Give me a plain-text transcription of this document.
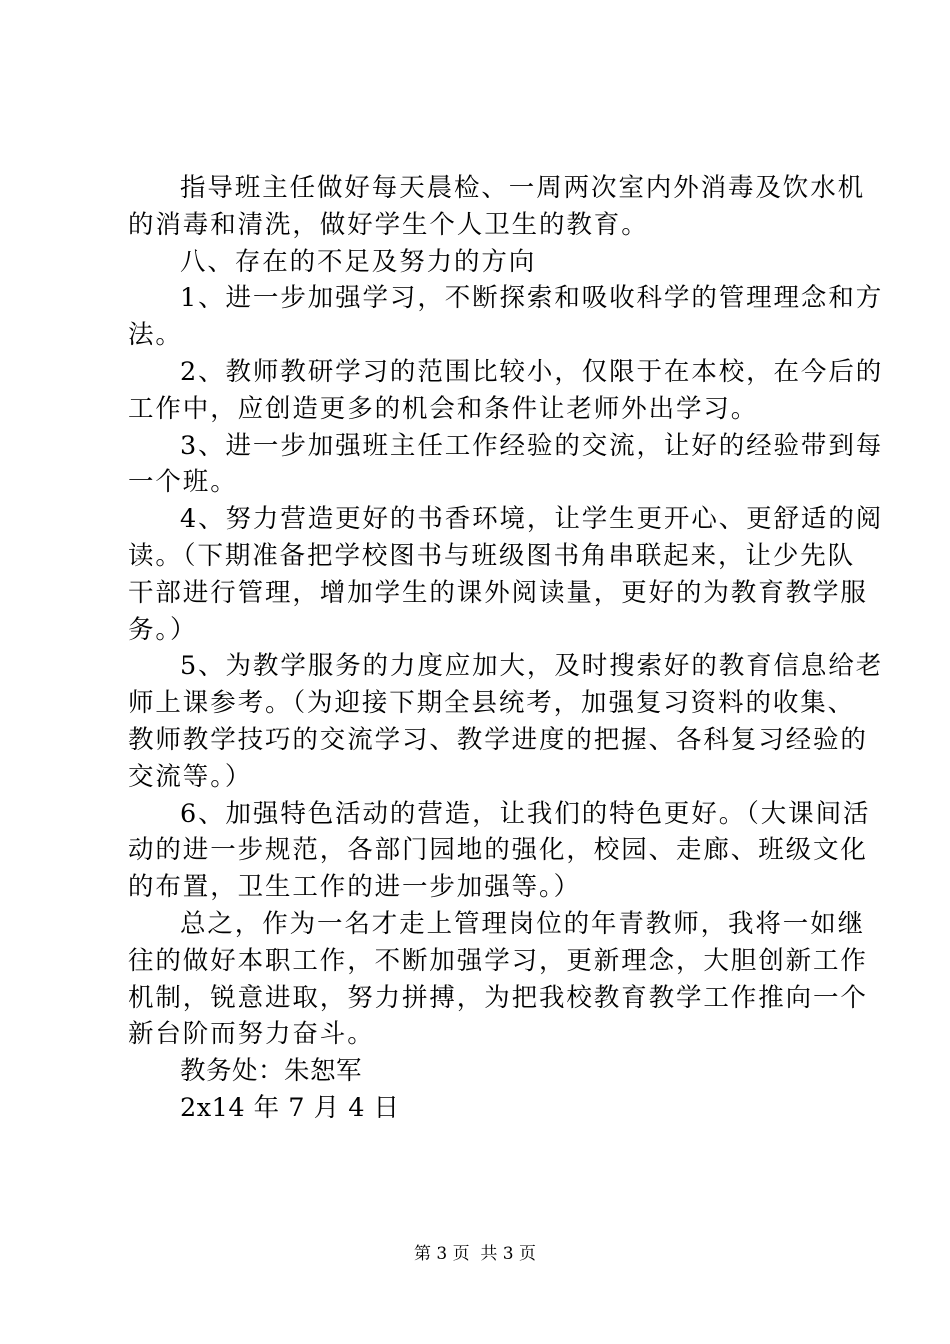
指导班主任做好每天晨检、一周两次室内外消毒及饮水机
的消毒和清洗，做好学生个人卫生的教育。
八、存在的不足及努力的方向
1、进一步加强学习，不断探索和吸收科学的管理理念和方
法。
2、教师教研学习的范围比较小，仅限于在本校，在今后的
工作中，应创造更多的机会和条件让老师外出学习。
3、进一步加强班主任工作经验的交流，让好的经验带到每
一个班。
4、努力营造更好的书香环境，让学生更开心、更舒适的阅
读。（下期准备把学校图书与班级图书角串联起来，让少先队
干部进行管理，增加学生的课外阅读量，更好的为教育教学服
务。）
5、为教学服务的力度应加大，及时搜索好的教育信息给老
师上课参考。（为迎接下期全县统考，加强复习资料的收集、
教师教学技巧的交流学习、教学进度的把握、各科复习经验的
交流等。）
6、加强特色活动的营造，让我们的特色更好。（大课间活
动的进一步规范，各部门园地的强化，校园、走廊、班级文化
的布置，卫生工作的进一步加强等。）
总之，作为一名才走上管理岗位的年青教师，我将一如继
往的做好本职工作，不断加强学习，更新理念，大胆创新工作
机制，锐意进取，努力拼搏，为把我校教育教学工作推向一个
新台阶而努力奋斗。
教务处：朱恕军
2x14 年 7 月 4 日
第 3 页  共 3 页
